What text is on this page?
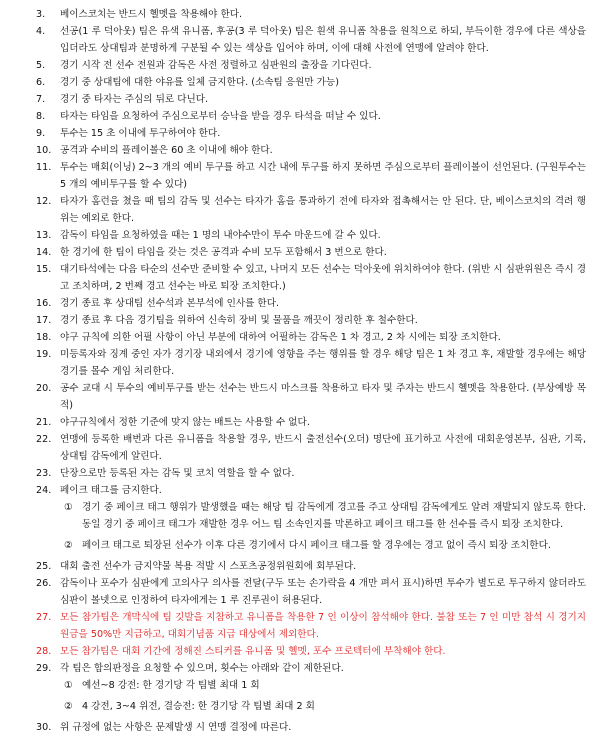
3.	베이스코치는 반드시 헬멧을 착용해야 한다.
4.	선공(1 루 덕아웃) 팀은 유색 유니폼, 후공(3 루 덕아웃) 팀은 흰색 유니폼 착용을 원칙으로 하되, 부득이한 경우에 다른 색상을 입더라도 상대팀과 분명하게 구분될 수 있는 색상을 입어야 하며, 이에 대해 사전에 연맹에 알려야 한다.
5.	경기 시작 전 선수 전원과 감독은 사전 정렬하고 심판원의 출장을 기다린다.
6.	경기 중 상대팀에 대한 야유를 일체 금지한다. (소속팀 응원만 가능)
7.	경기 중 타자는 주심의 뒤로 다닌다.
8.	타자는 타임을 요청하여 주심으로부터 승낙을 받을 경우 타석을 떠날 수 있다.
9.	투수는 15 초 이내에 투구하여야 한다.
10. 공격과 수비의 플레이볼은 60 초 이내에 해야 한다.
11. 투수는 매회(이닝) 2~3 개의 예비 투구를 하고 시간 내에 투구를 하지 못하면 주심으로부터 플레이볼이 선언된다. (구원투수는 5 개의 예비투구를 할 수 있다)
12. 타자가 홈런을 쳤을 때 팀의 감독 및 선수는 타자가 홈을 통과하기 전에 타자와 접촉해서는 안 된다. 단, 베이스코치의 격려 행위는 예외로 한다.
13. 감독이 타임을 요청하였을 때는 1 명의 내야수만이 투수 마운드에 갈 수 있다.
14. 한 경기에 한 팀이 타임을 갖는 것은 공격과 수비 모두 포함해서 3 번으로 한다.
15. 대기타석에는 다음 타순의 선수만 준비할 수 있고, 나머지 모든 선수는 덕아웃에 위치하여야 한다. (위반 시 심판위원은 즉시 경고 조치하며, 2 번째 경고 선수는 바로 퇴장 조치한다.)
16. 경기 종료 후 상대팀 선수석과 본부석에 인사를 한다.
17. 경기 종료 후 다음 경기팀을 위하여 신속히 장비 및 물품을 깨끗이 정리한 후 철수한다.
18. 야구 규칙에 의한 어필 사항이 아닌 부분에 대하여 어필하는 감독은 1 차 경고, 2 차 시에는 퇴장 조치한다.
19. 미등록자와 징계 중인 자가 경기장 내외에서 경기에 영향을 주는 행위를 할 경우 해당 팀은 1 차 경고 후, 재발할 경우에는 해당 경기를 몰수 게임 처리한다.
20. 공수 교대 시 투수의 예비투구를 받는 선수는 반드시 마스크를 착용하고 타자 및 주자는 반드시 헬멧을 착용한다. (부상예방 목적)
21. 야구규칙에서 정한 기준에 맞지 않는 배트는 사용할 수 없다.
22. 연맹에 등록한 배번과 다른 유니폼을 착용할 경우, 반드시 출전선수(오더) 명단에 표기하고 사전에 대회운영본부, 심판, 기록, 상대팀 감독에게 알린다.
23. 단장으로만 등록된 자는 감독 및 코치 역할을 할 수 없다.
24. 페이크 태그를 금지한다.
① 경기 중 페이크 태그 행위가 발생했을 때는 해당 팀 감독에게 경고를 주고 상대팀 감독에게도 알려 재발되지 않도록 한다. 동일 경기 중 페이크 태그가 재발한 경우 어느 팀 소속인지를 막론하고 페이크 태그를 한 선수를 즉시 퇴장 조치한다.
② 페이크 태그로 퇴장된 선수가 이후 다른 경기에서 다시 페이크 태그를 할 경우에는 경고 없이 즉시 퇴장 조치한다.
25. 대회 출전 선수가 금지약물 복용 적발 시 스포츠공정위원회에 회부된다.
26. 감독이나 포수가 심판에게 고의사구 의사를 전달(구두 또는 손가락을 4 개만 펴서 표시)하면 투수가 별도로 투구하지 않더라도 심판이 볼넷으로 인정하여 타자에게는 1 루 진루권이 허용된다.
27. 모든 참가팀은 개막식에 팀 깃발을 지참하고 유니폼을 착용한 7 인 이상이 참석해야 한다. 불참 또는 7 인 미만 참석 시 경기지원금을 50%만 지급하고, 대회기념품 지급 대상에서 제외한다.
28. 모든 참가팀은 대회 기간에 정해진 스티커를 유니폼 및 헬멧, 포수 프로텍터에 부착해야 한다.
29. 각 팀은 합의판정을 요청할 수 있으며, 횟수는 아래와 같이 제한된다.
① 예선~8 강전: 한 경기당 각 팀별 최대 1 회
② 4 강전, 3~4 위전, 결승전: 한 경기당 각 팀별 최대 2 회
30. 위 규정에 없는 사항은 문제발생 시 연맹 결정에 따른다.
